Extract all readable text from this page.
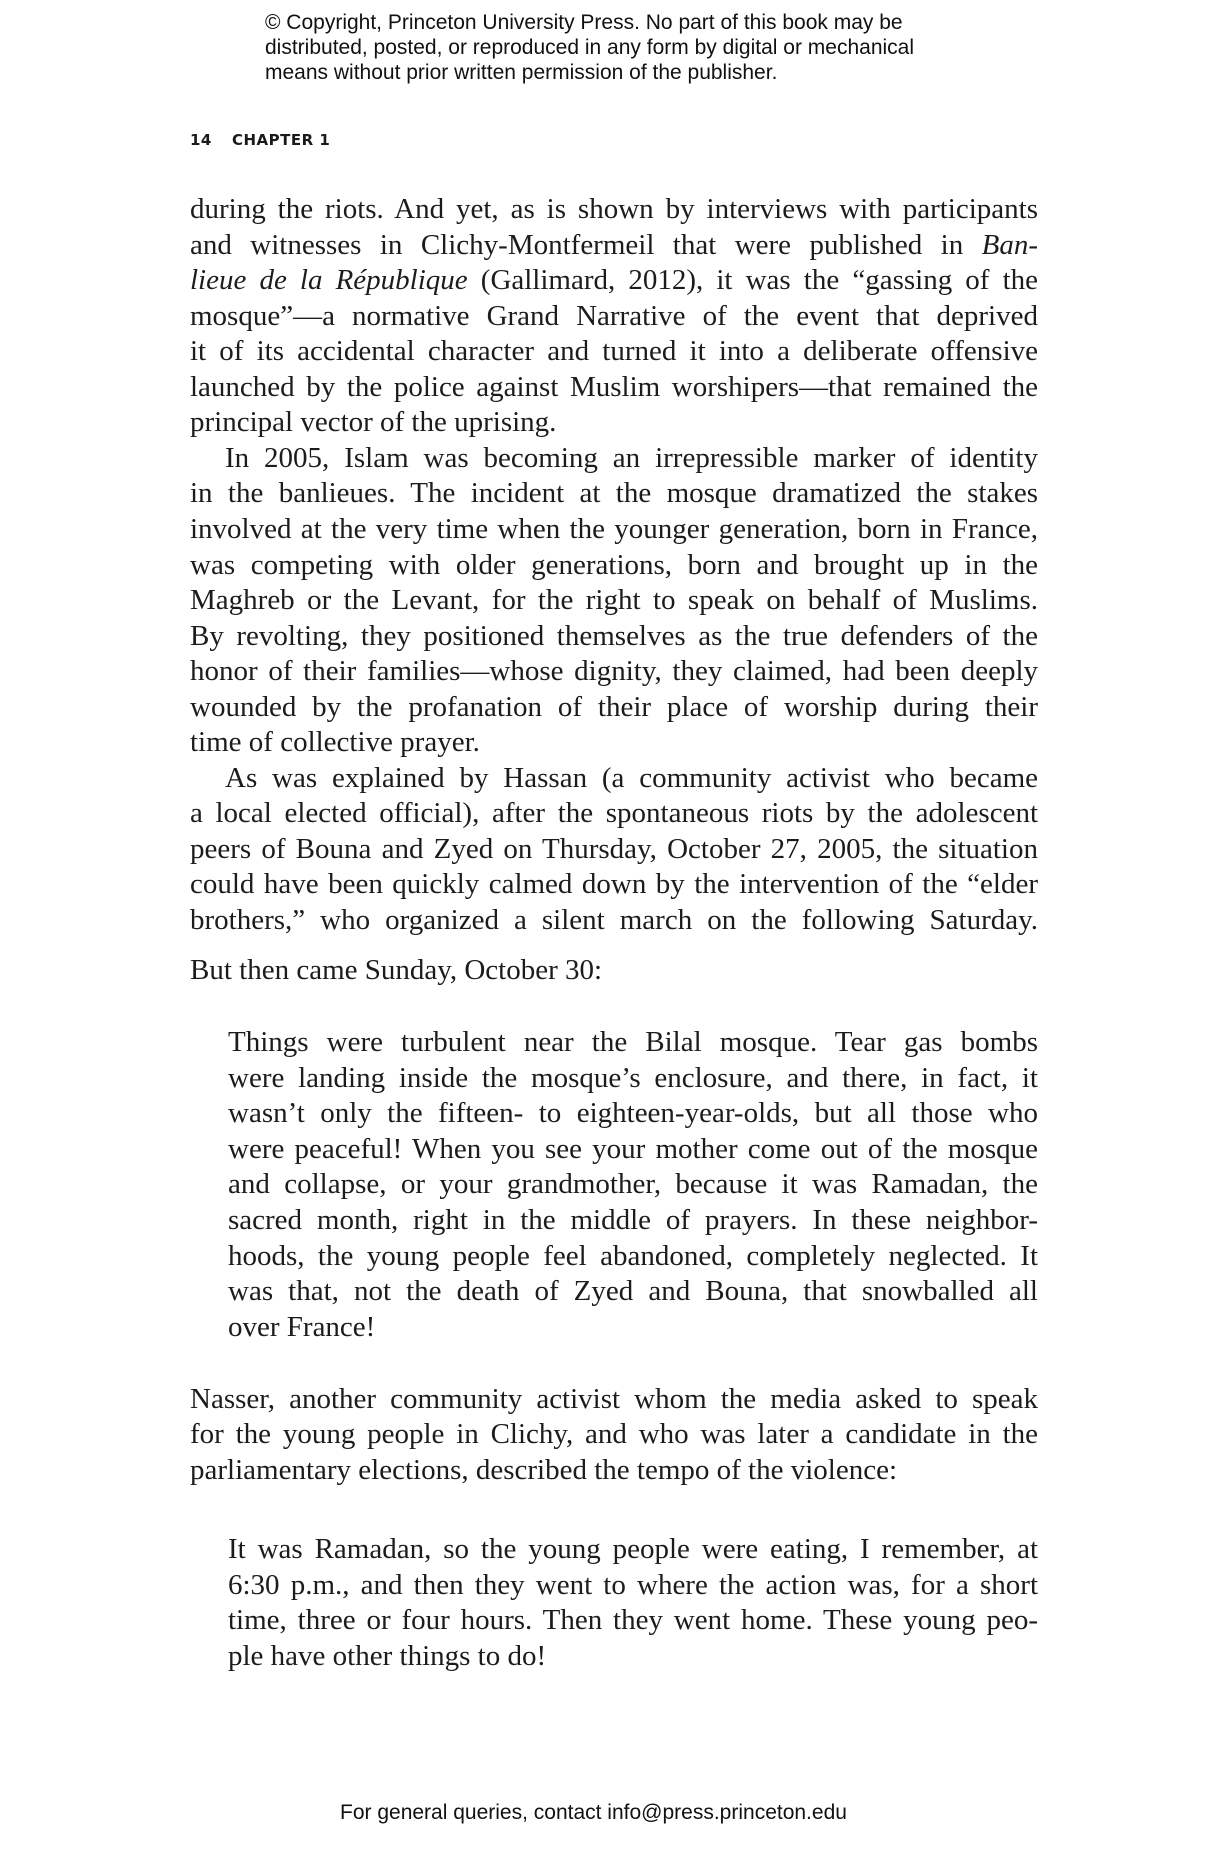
© Copyright, Princeton University Press. No part of this book may be
distributed, posted, or reproduced in any form by digital or mechanical
means without prior written permission of the publisher.
14 CHAPTER 1
during the riots. And yet, as is shown by interviews with participants
and witnesses in Clichy-Montfermeil that were published in Ban-
lieue de la République (Gallimard, 2012), it was the “gassing of the
mosque”—a normative Grand Narrative of the event that deprived
it of its accidental character and turned it into a deliberate offensive
launched by the police against Muslim worshipers—that remained the
principal vector of the uprising.
In 2005, Islam was becoming an irrepressible marker of identity
in the banlieues. The incident at the mosque dramatized the stakes
involved at the very time when the younger generation, born in France,
was competing with older generations, born and brought up in the
Maghreb or the Levant, for the right to speak on behalf of Muslims.
By revolting, they positioned themselves as the true defenders of the
honor of their families—whose dignity, they claimed, had been deeply
wounded by the profanation of their place of worship during their
time of collective prayer.
As was explained by Hassan (a community activist who became
a local elected official), after the spontaneous riots by the adolescent
peers of Bouna and Zyed on Thursday, October 27, 2005, the situation
could have been quickly calmed down by the intervention of the “elder
brothers,” who organized a silent march on the following Saturday.
But then came Sunday, October 30:
Things were turbulent near the Bilal mosque. Tear gas bombs
were landing inside the mosque’s enclosure, and there, in fact, it
wasn’t only the fifteen- to eighteen-year-olds, but all those who
were peaceful! When you see your mother come out of the mosque
and collapse, or your grandmother, because it was Ramadan, the
sacred month, right in the middle of prayers. In these neighbor-
hoods, the young people feel abandoned, completely neglected. It
was that, not the death of Zyed and Bouna, that snowballed all
over France!
Nasser, another community activist whom the media asked to speak
for the young people in Clichy, and who was later a candidate in the
parliamentary elections, described the tempo of the violence:
It was Ramadan, so the young people were eating, I remember, at
6:30 p.m., and then they went to where the action was, for a short
time, three or four hours. Then they went home. These young peo-
ple have other things to do!
For general queries, contact info@press.princeton.edu
